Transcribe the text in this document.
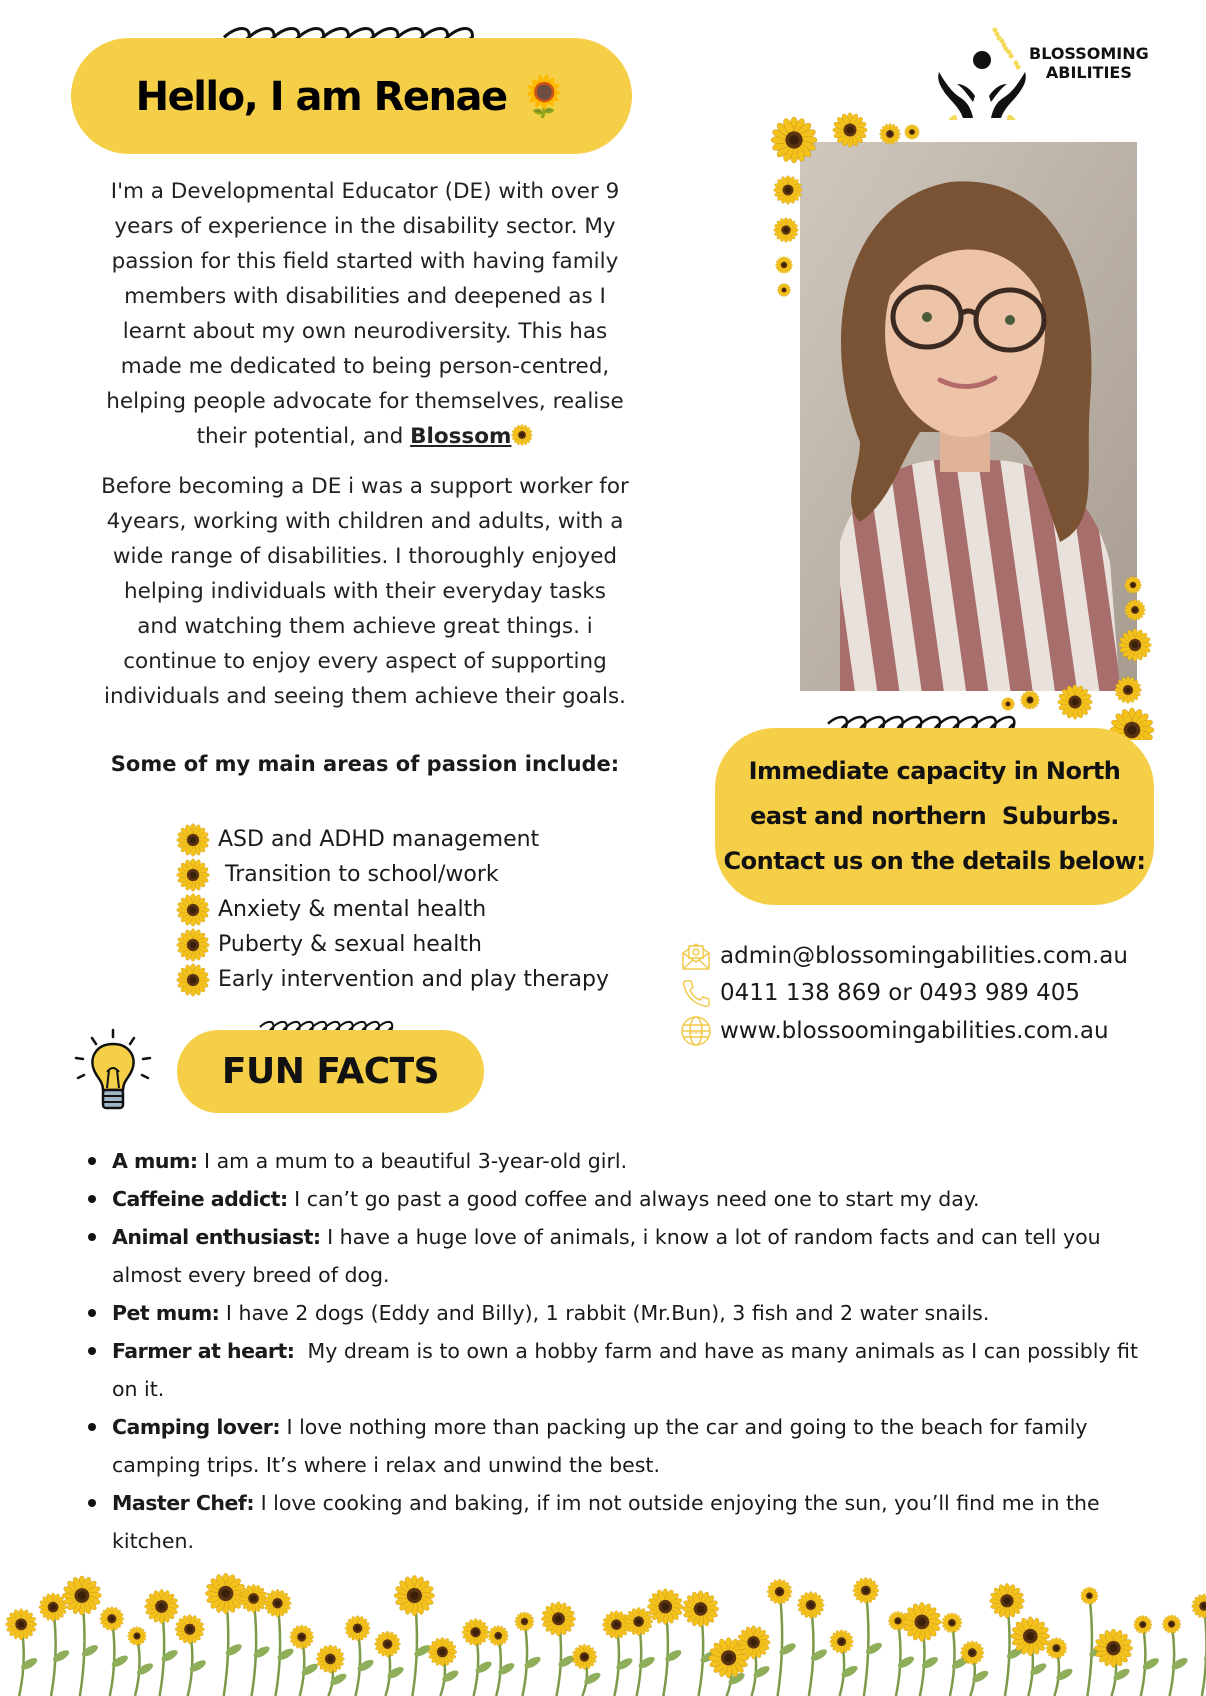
Hello, I am Renae 🌻
I'm a Developmental Educator (DE) with over 9
years of experience in the disability sector. My
passion for this field started with having family
members with disabilities and deepened as I
learnt about my own neurodiversity. This has
made me dedicated to being person-centred,
helping people advocate for themselves, realise
their potential, and Blossom
Before becoming a DE i was a support worker for
4years, working with children and adults, with a
wide range of disabilities. I thoroughly enjoyed
helping individuals with their everyday tasks
and watching them achieve great things. i
continue to enjoy every aspect of supporting
individuals and seeing them achieve their goals.
Some of my main areas of passion include:
ASD and ADHD management
Transition to school/work
Anxiety & mental health
Puberty & sexual health
Early intervention and play therapy
FUN FACTS
A mum: I am a mum to a beautiful 3-year-old girl.
Caffeine addict: I can’t go past a good coffee and always need one to start my day.
Animal enthusiast: I have a huge love of animals, i know a lot of random facts and can tell you almost every breed of dog.
Pet mum: I have 2 dogs (Eddy and Billy), 1 rabbit (Mr.Bun), 3 fish and 2 water snails.
Farmer at heart:  My dream is to own a hobby farm and have as many animals as I can possibly fit on it.
Camping lover: I love nothing more than packing up the car and going to the beach for family camping trips. It’s where i relax and unwind the best.
Master Chef: I love cooking and baking, if im not outside enjoying the sun, you’ll find me in the kitchen.
BLOSSOMING
ABILITIES
Immediate capacity in North
east and northern  Suburbs.
Contact us on the details below:
admin@blossomingabilities.com.au
0411 138 869 or 0493 989 405
www www.blossoomingabilities.com.au
